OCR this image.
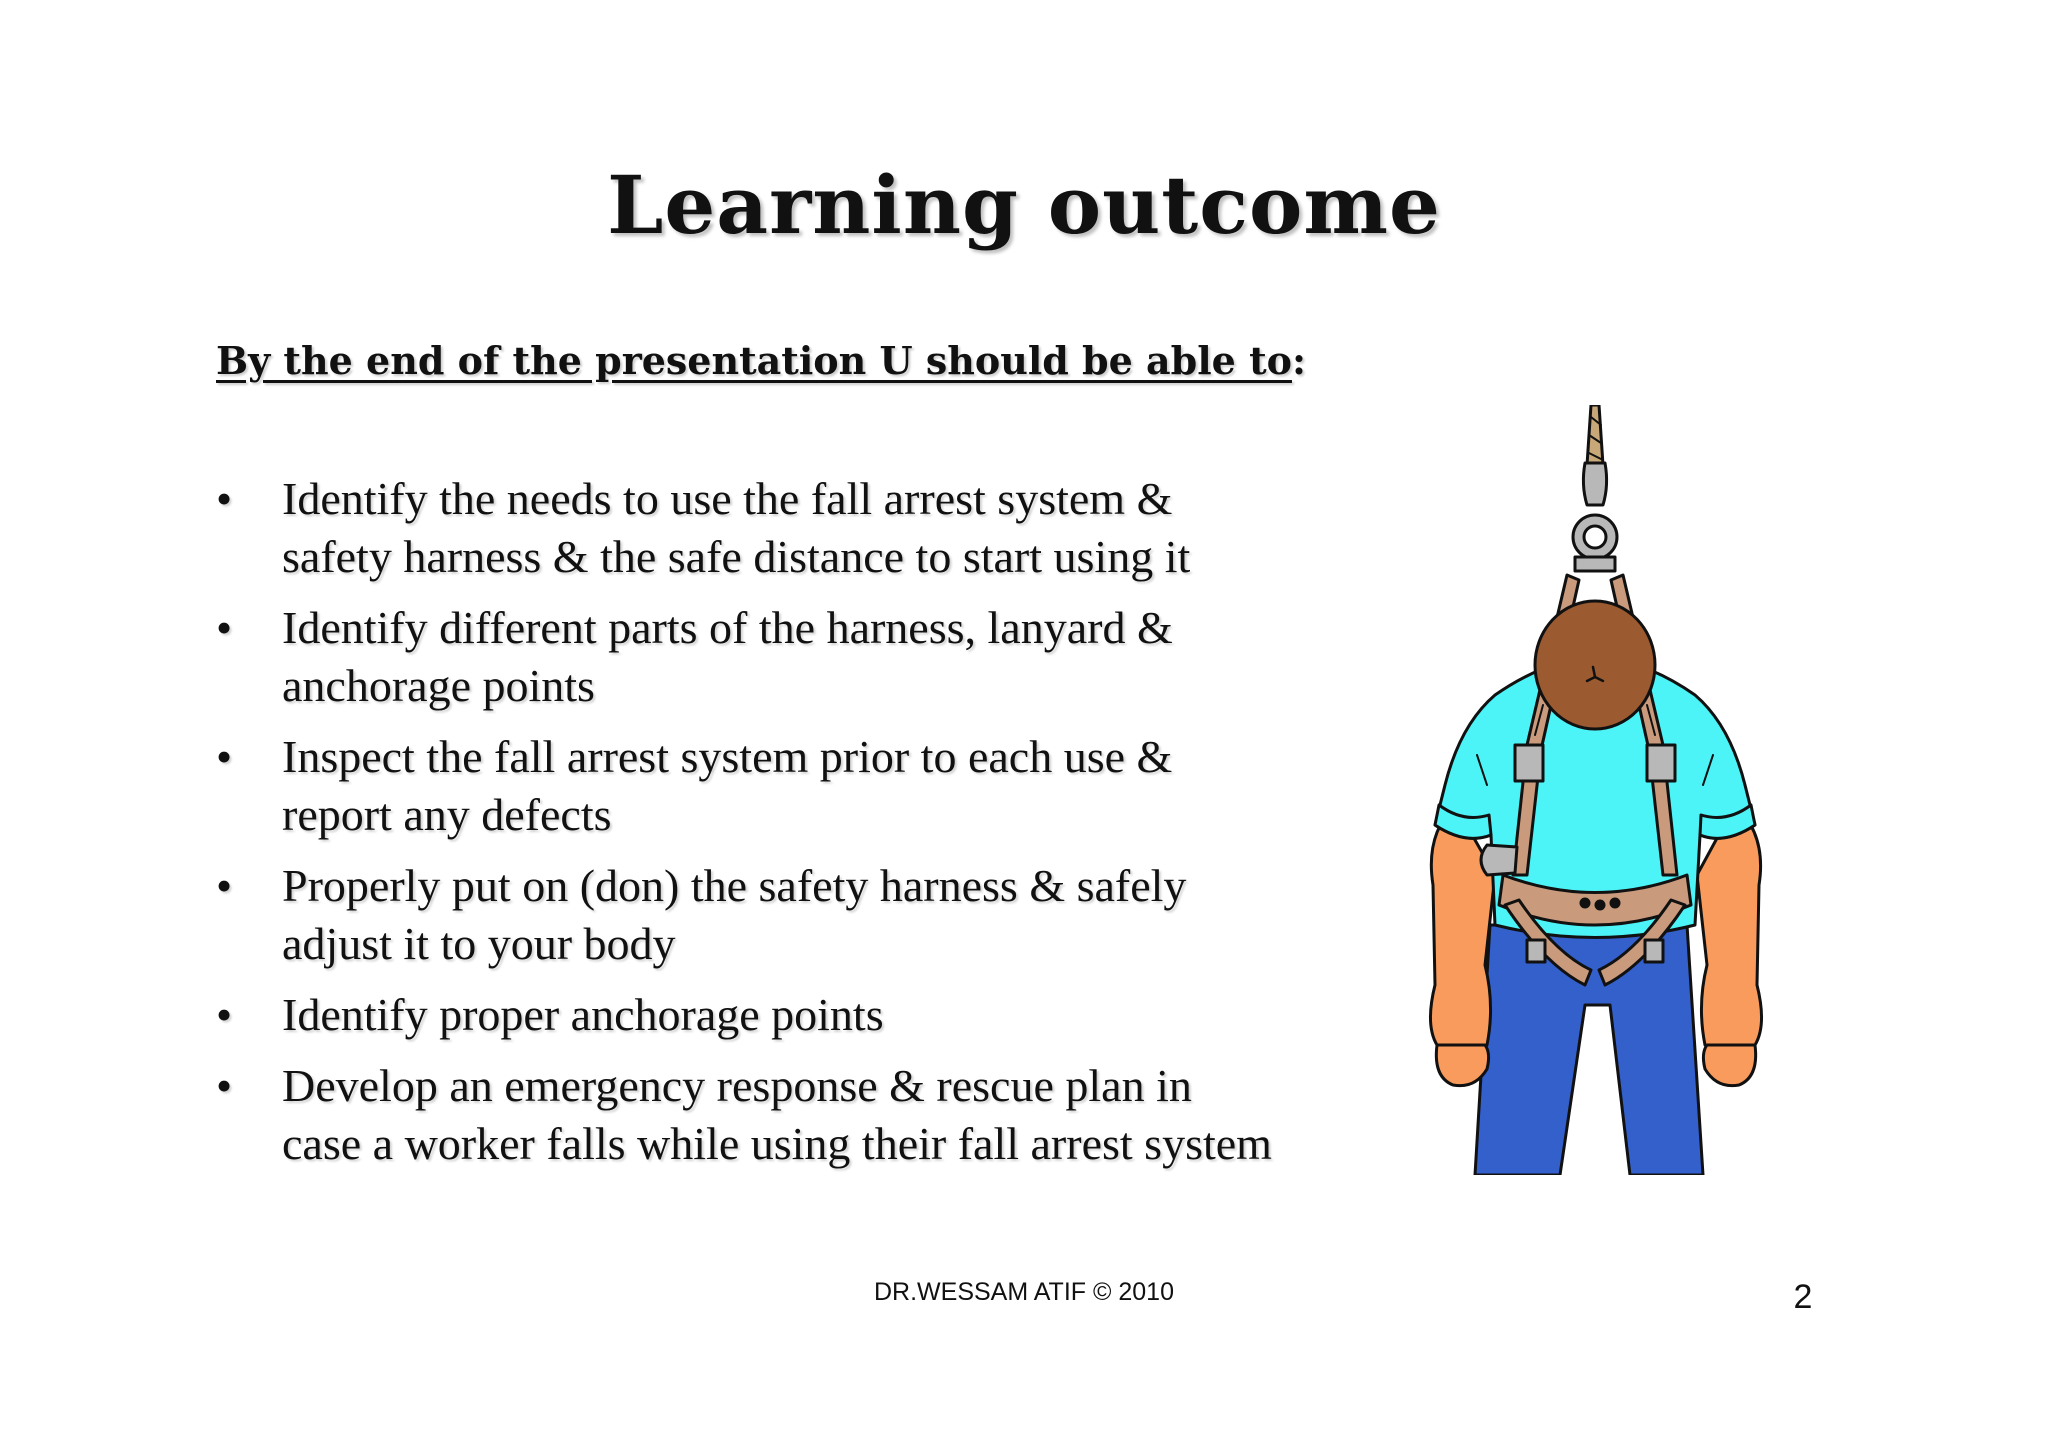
Learning outcome
By the end of the presentation U should be able to:
• Identify the needs to use the fall arrest system & safety harness & the safe distance to start using it
• Identify different parts of the harness, lanyard & anchorage points
• Inspect the fall arrest system prior to each use & report any defects
• Properly put on (don) the safety harness & safely adjust it to your body
• Identify proper anchorage points
• Develop an emergency response & rescue plan in case a worker falls while using their fall arrest system
DR.WESSAM ATIF © 2010	2
